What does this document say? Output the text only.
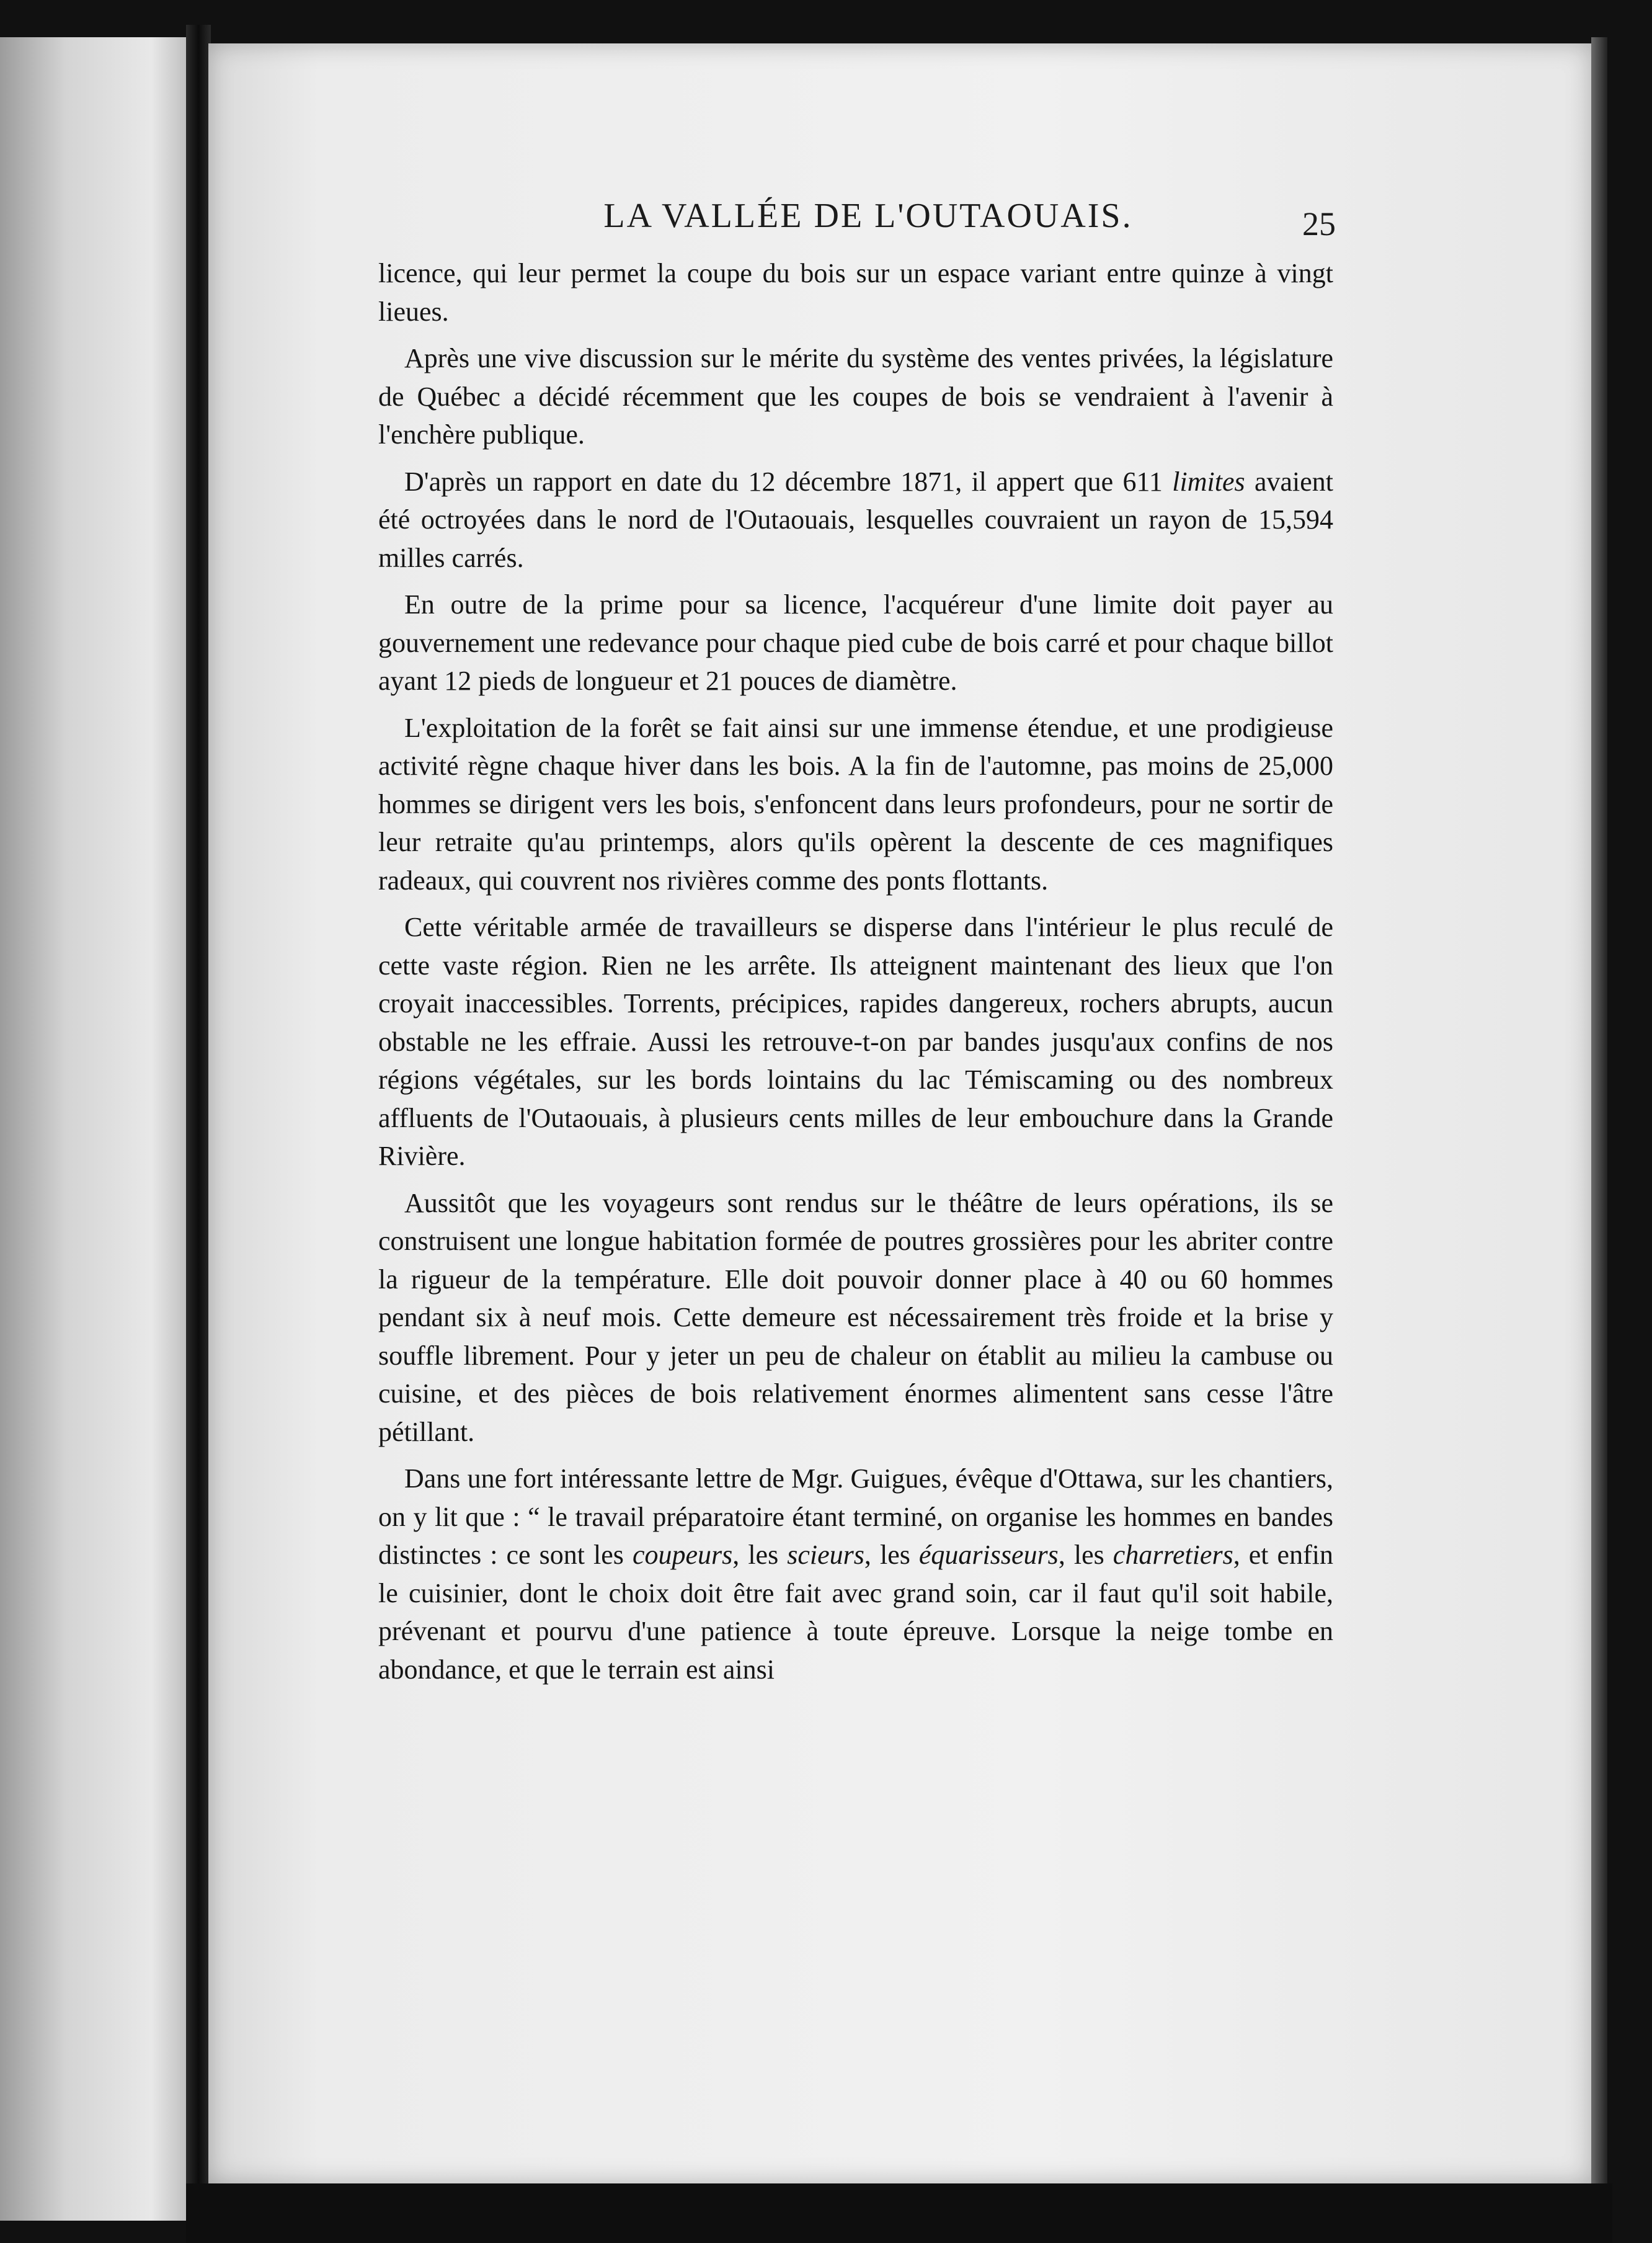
LA VALLÉE DE L'OUTAOUAIS.	25

licence, qui leur permet la coupe du bois sur un espace variant entre quinze à vingt lieues.

Après une vive discussion sur le mérite du système des ventes privées, la législature de Québec a décidé récemment que les coupes de bois se vendraient à l'avenir à l'enchère publique.

D'après un rapport en date du 12 décembre 1871, il appert que 611 limites avaient été octroyées dans le nord de l'Outaouais, lesquelles couvraient un rayon de 15,594 milles carrés.

En outre de la prime pour sa licence, l'acquéreur d'une limite doit payer au gouvernement une redevance pour chaque pied cube de bois carré et pour chaque billot ayant 12 pieds de longueur et 21 pouces de diamètre.

L'exploitation de la forêt se fait ainsi sur une immense étendue, et une prodigieuse activité règne chaque hiver dans les bois. A la fin de l'automne, pas moins de 25,000 hommes se dirigent vers les bois, s'enfoncent dans leurs profondeurs, pour ne sortir de leur retraite qu'au printemps, alors qu'ils opèrent la descente de ces magnifiques radeaux, qui couvrent nos rivières comme des ponts flottants.

Cette véritable armée de travailleurs se disperse dans l'intérieur le plus reculé de cette vaste région. Rien ne les arrête. Ils atteignent maintenant des lieux que l'on croyait inaccessibles. Torrents, précipices, rapides dangereux, rochers abrupts, aucun obstable ne les effraie. Aussi les retrouve-t-on par bandes jusqu'aux confins de nos régions végétales, sur les bords lointains du lac Témiscaming ou des nombreux affluents de l'Outaouais, à plusieurs cents milles de leur embouchure dans la Grande Rivière.

Aussitôt que les voyageurs sont rendus sur le théâtre de leurs opérations, ils se construisent une longue habitation formée de poutres grossières pour les abriter contre la rigueur de la température. Elle doit pouvoir donner place à 40 ou 60 hommes pendant six à neuf mois. Cette demeure est nécessairement très froide et la brise y souffle librement. Pour y jeter un peu de chaleur on établit au milieu la cambuse ou cuisine, et des pièces de bois relativement énormes alimentent sans cesse l'âtre pétillant.

Dans une fort intéressante lettre de Mgr. Guigues, évêque d'Ottawa, sur les chantiers, on y lit que : “ le travail préparatoire étant terminé, on organise les hommes en bandes distinctes : ce sont les coupeurs, les scieurs, les équarisseurs, les charretiers, et enfin le cuisinier, dont le choix doit être fait avec grand soin, car il faut qu'il soit habile, prévenant et pourvu d'une patience à toute épreuve. Lorsque la neige tombe en abondance, et que le terrain est ainsi
